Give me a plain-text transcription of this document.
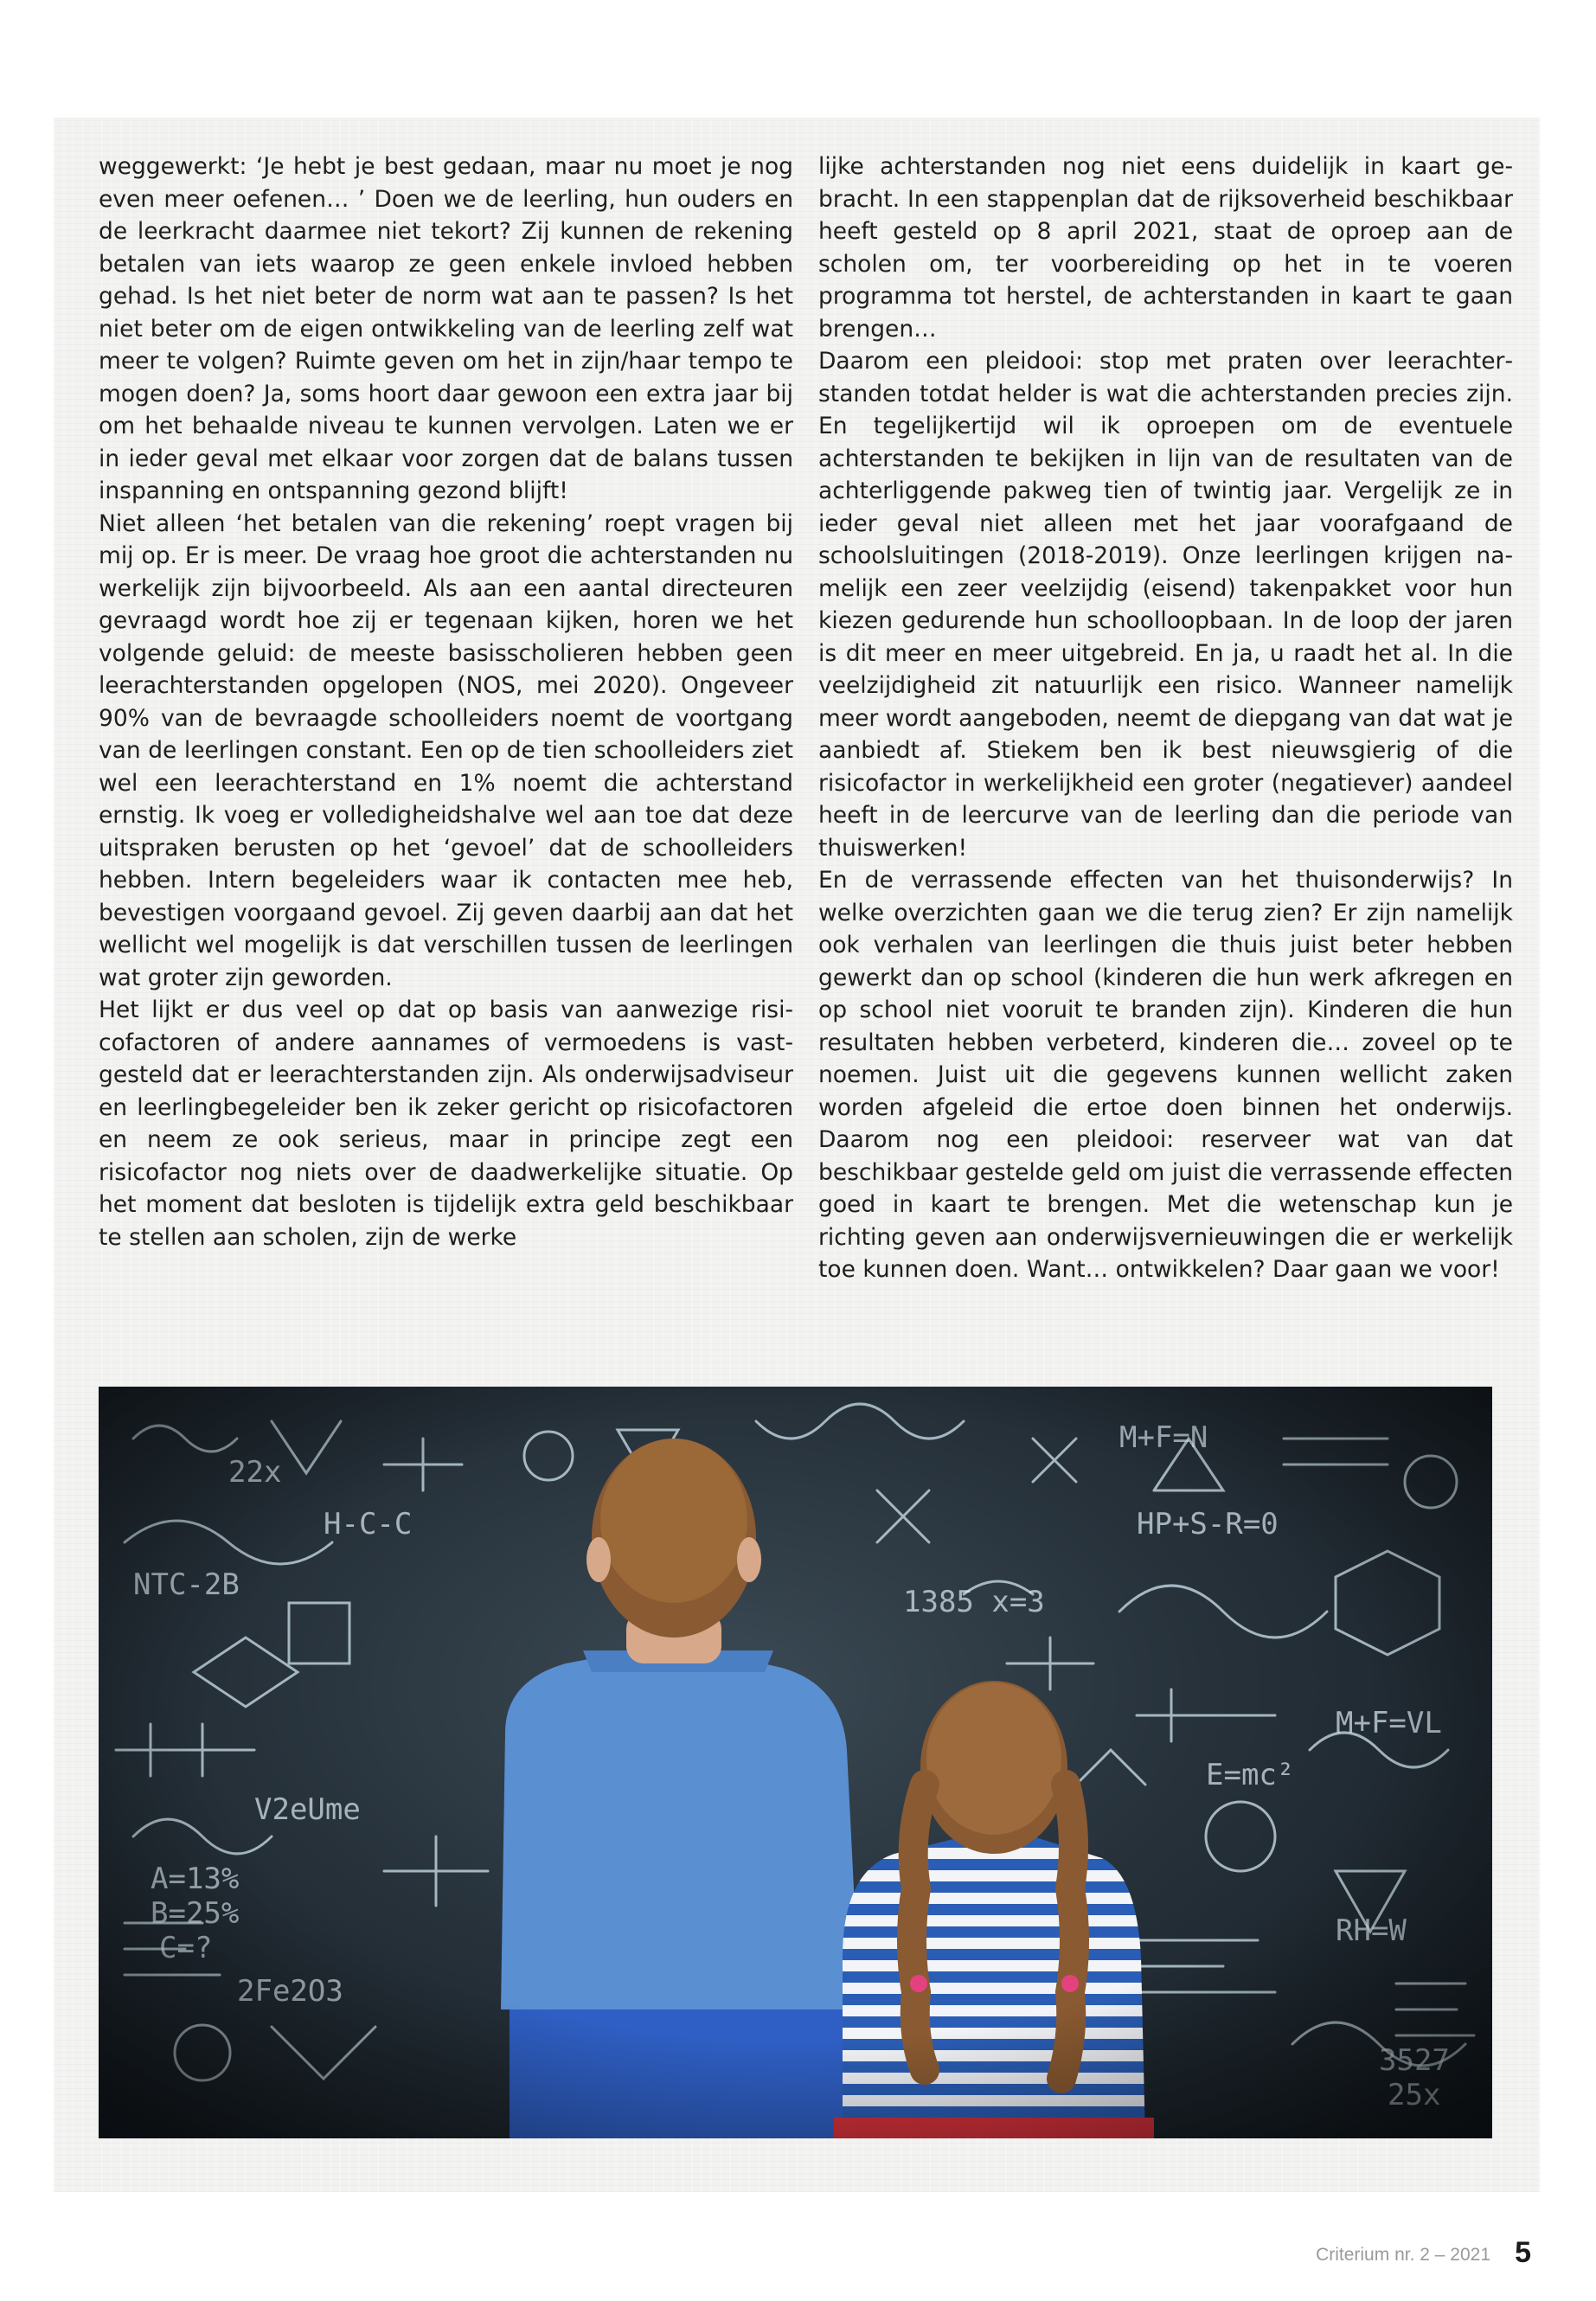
weggewerkt: ‘Je hebt je best gedaan, maar nu moet je nog even meer oefenen… ’ Doen we de leerling, hun ouders en de leerkracht daarmee niet tekort? Zij kunnen de rekening betalen van iets waarop ze geen enkele invloed hebben gehad. Is het niet beter de norm wat aan te passen? Is het niet beter om de eigen ontwikkeling van de leerling zelf wat meer te volgen? Ruimte geven om het in zijn/haar tempo te mogen doen? Ja, soms hoort daar gewoon een extra jaar bij om het behaalde niveau te kunnen vervolgen. Laten we er in ieder geval met elkaar voor zorgen dat de balans tussen inspanning en ontspanning gezond blijft!

Niet alleen ‘het betalen van die rekening’ roept vragen bij mij op. Er is meer. De vraag hoe groot die achterstanden nu werkelijk zijn bijvoorbeeld. Als aan een aantal directeuren gevraagd wordt hoe zij er tegenaan kijken, horen we het volgende geluid: de meeste basisscholieren hebben geen leerachterstanden opgelopen (NOS, mei 2020). Ongeveer 90% van de bevraagde schoolleiders noemt de voortgang van de leerlingen constant. Een op de tien schoolleiders ziet wel een leerachterstand en 1% noemt die achterstand ernstig. Ik voeg er volledigheidshalve wel aan toe dat deze uitspraken berusten op het ‘gevoel’ dat de schoolleiders hebben. Intern begeleiders waar ik contacten mee heb, bevestigen voorgaand gevoel. Zij geven daarbij aan dat het wellicht wel mogelijk is dat verschillen tussen de leerlingen wat groter zijn geworden.

Het lijkt er dus veel op dat op basis van aanwezige risicofactoren of andere aannames of vermoedens is vastgesteld dat er leerachterstanden zijn. Als onderwijsadviseur en leerlingbegeleider ben ik zeker gericht op risicofactoren en neem ze ook serieus, maar in principe zegt een risicofactor nog niets over de daadwerkelijke situatie. Op het moment dat besloten is tijdelijk extra geld beschikbaar te stellen aan scholen, zijn de werke

lijke achterstanden nog niet eens duidelijk in kaart gebracht. In een stappenplan dat de rijksoverheid beschikbaar heeft gesteld op 8 april 2021, staat de oproep aan de scholen om, ter voorbereiding op het in te voeren programma tot herstel, de achterstanden in kaart te gaan brengen…

Daarom een pleidooi: stop met praten over leerachterstanden totdat helder is wat die achterstanden precies zijn. En tegelijkertijd wil ik oproepen om de eventuele achterstanden te bekijken in lijn van de resultaten van de achterliggende pakweg tien of twintig jaar. Vergelijk ze in ieder geval niet alleen met het jaar voorafgaand de schoolsluitingen (2018-2019). Onze leerlingen krijgen namelijk een zeer veelzijdig (eisend) takenpakket voor hun kiezen gedurende hun schoolloopbaan. In de loop der jaren is dit meer en meer uitgebreid. En ja, u raadt het al. In die veelzijdigheid zit natuurlijk een risico. Wanneer namelijk meer wordt aangeboden, neemt de diepgang van dat wat je aanbiedt af. Stiekem ben ik best nieuwsgierig of die risicofactor in werkelijkheid een groter (negatiever) aandeel heeft in de leercurve van de leerling dan die periode van thuiswerken!

En de verrassende effecten van het thuisonderwijs? In welke overzichten gaan we die terug zien? Er zijn namelijk ook verhalen van leerlingen die thuis juist beter hebben gewerkt dan op school (kinderen die hun werk afkregen en op school niet vooruit te branden zijn). Kinderen die hun resultaten hebben verbeterd, kinderen die… zoveel op te noemen. Juist uit die gegevens kunnen wellicht zaken worden afgeleid die ertoe doen binnen het onderwijs. Daarom nog een pleidooi: reserveer wat van dat beschikbaar gestelde geld om juist die verrassende effecten goed in kaart te brengen. Met die wetenschap kun je richting geven aan onderwijsvernieuwingen die er werkelijk toe kunnen doen. Want… ontwikkelen? Daar gaan we voor!

Criterium nr. 2 – 2021 5
